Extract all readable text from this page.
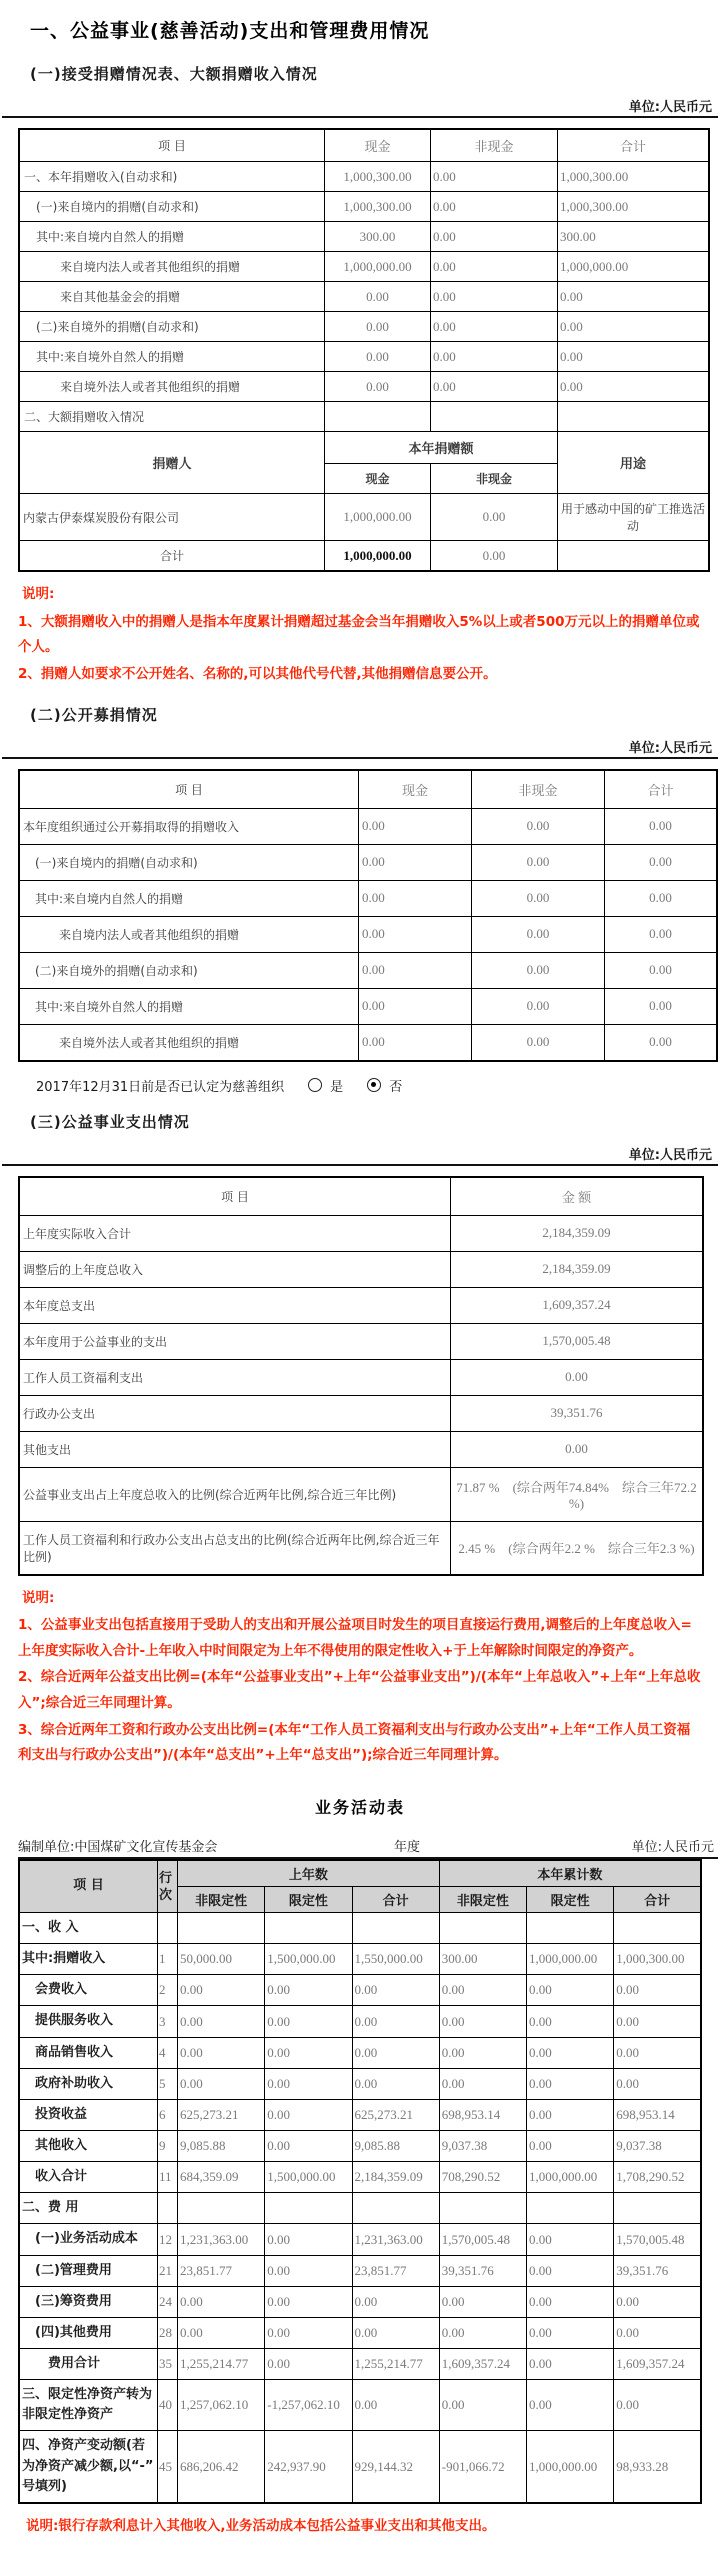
一、公益事业(慈善活动)支出和管理费用情况
(一)接受捐赠情况表、大额捐赠收入情况
单位:人民币元
项 目	现金	非现金	合计
一、本年捐赠收入(自动求和)	1,000,300.00	0.00	1,000,300.00
　(一)来自境内的捐赠(自动求和)	1,000,300.00	0.00	1,000,300.00
　其中:来自境内自然人的捐赠	300.00	0.00	300.00
　　　来自境内法人或者其他组织的捐赠	1,000,000.00	0.00	1,000,000.00
　　　来自其他基金会的捐赠	0.00	0.00	0.00
　(二)来自境外的捐赠(自动求和)	0.00	0.00	0.00
　其中:来自境外自然人的捐赠	0.00	0.00	0.00
　　　来自境外法人或者其他组织的捐赠	0.00	0.00	0.00
二、大额捐赠收入情况			
捐赠人	本年捐赠额		用途
	现金	非现金	
内蒙古伊泰煤炭股份有限公司	1,000,000.00	0.00	用于感动中国的矿工推选活动
合计	1,000,000.00	0.00	
说明:
1、大额捐赠收入中的捐赠人是指本年度累计捐赠超过基金会当年捐赠收入5%以上或者500万元以上的捐赠单位或个人。
2、捐赠人如要求不公开姓名、名称的,可以其他代号代替,其他捐赠信息要公开。
(二)公开募捐情况
单位:人民币元
项 目	现金	非现金	合计
本年度组织通过公开募捐取得的捐赠收入	0.00	0.00	0.00
　(一)来自境内的捐赠(自动求和)	0.00	0.00	0.00
　其中:来自境内自然人的捐赠	0.00	0.00	0.00
　　　来自境内法人或者其他组织的捐赠	0.00	0.00	0.00
　(二)来自境外的捐赠(自动求和)	0.00	0.00	0.00
　其中:来自境外自然人的捐赠	0.00	0.00	0.00
　　　来自境外法人或者其他组织的捐赠	0.00	0.00	0.00
2017年12月31日前是否已认定为慈善组织	是	否
(三)公益事业支出情况
单位:人民币元
项 目	金 额
上年度实际收入合计	2,184,359.09
调整后的上年度总收入	2,184,359.09
本年度总支出	1,609,357.24
本年度用于公益事业的支出	1,570,005.48
工作人员工资福利支出	0.00
行政办公支出	39,351.76
其他支出	0.00
公益事业支出占上年度总收入的比例(综合近两年比例,综合近三年比例)	71.87 %　(综合两年74.84%　综合三年72.2 %)
工作人员工资福利和行政办公支出占总支出的比例(综合近两年比例,综合近三年比例)	2.45 %　(综合两年2.2 %　综合三年2.3 %)
说明:
1、公益事业支出包括直接用于受助人的支出和开展公益项目时发生的项目直接运行费用,调整后的上年度总收入=上年度实际收入合计-上年收入中时间限定为上年不得使用的限定性收入+于上年解除时间限定的净资产。
2、综合近两年公益支出比例=(本年“公益事业支出”+上年“公益事业支出”)/(本年“上年总收入”+上年“上年总收入”;综合近三年同理计算。
3、综合近两年工资和行政办公支出比例=(本年“工作人员工资福利支出与行政办公支出”+上年“工作人员工资福利支出与行政办公支出”)/(本年“总支出”+上年“总支出”);综合近三年同理计算。
业务活动表
编制单位:中国煤矿文化宣传基金会	年度	单位:人民币元
项 目	行次	上年数			本年累计数		
		非限定性	限定性	合计	非限定性	限定性	合计
一、收 入							
其中:捐赠收入	1	50,000.00	1,500,000.00	1,550,000.00	300.00	1,000,000.00	1,000,300.00
　会费收入	2	0.00	0.00	0.00	0.00	0.00	0.00
　提供服务收入	3	0.00	0.00	0.00	0.00	0.00	0.00
　商品销售收入	4	0.00	0.00	0.00	0.00	0.00	0.00
　政府补助收入	5	0.00	0.00	0.00	0.00	0.00	0.00
　投资收益	6	625,273.21	0.00	625,273.21	698,953.14	0.00	698,953.14
　其他收入	9	9,085.88	0.00	9,085.88	9,037.38	0.00	9,037.38
　收入合计	11	684,359.09	1,500,000.00	2,184,359.09	708,290.52	1,000,000.00	1,708,290.52
二、费 用							
　(一)业务活动成本	12	1,231,363.00	0.00	1,231,363.00	1,570,005.48	0.00	1,570,005.48
　(二)管理费用	21	23,851.77	0.00	23,851.77	39,351.76	0.00	39,351.76
　(三)筹资费用	24	0.00	0.00	0.00	0.00	0.00	0.00
　(四)其他费用	28	0.00	0.00	0.00	0.00	0.00	0.00
　　费用合计	35	1,255,214.77	0.00	1,255,214.77	1,609,357.24	0.00	1,609,357.24
三、限定性净资产转为非限定性净资产	40	1,257,062.10	-1,257,062.10	0.00	0.00	0.00	0.00
四、净资产变动额(若为净资产减少额,以“-”号填列)	45	686,206.42	242,937.90	929,144.32	-901,066.72	1,000,000.00	98,933.28
说明:银行存款利息计入其他收入,业务活动成本包括公益事业支出和其他支出。
